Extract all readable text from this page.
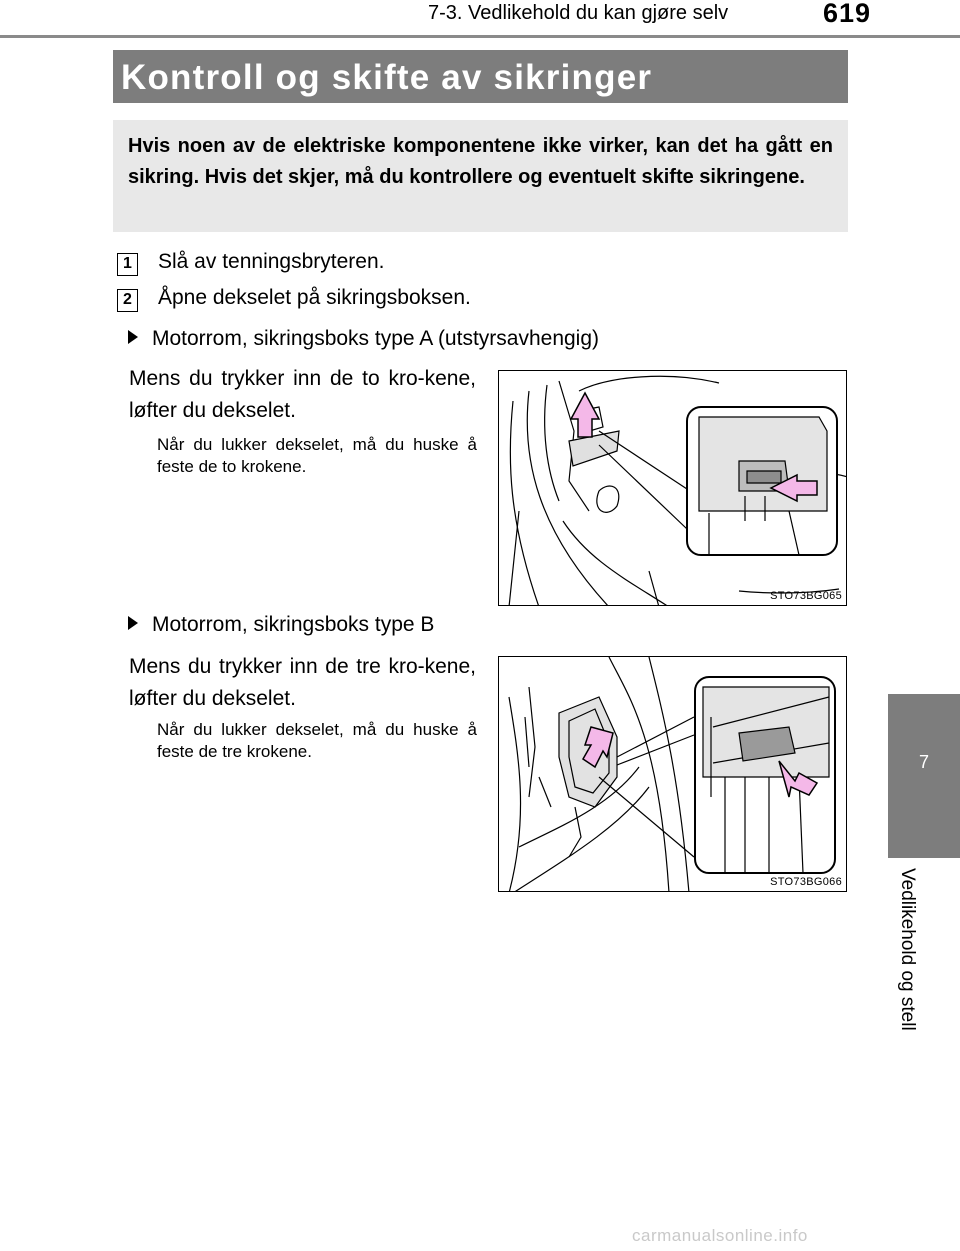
7-3. Vedlikehold du kan gjøre selv	619
Kontroll og skifte av sikringer
Hvis noen av de elektriske komponentene ikke virker, kan det ha gått en sikring. Hvis det skjer, må du kontrollere og eventuelt skifte sikringene.
1 Slå av tenningsbryteren.
2 Åpne dekselet på sikringsboksen.
Motorrom, sikringsboks type A (utstyrsavhengig)
Mens du trykker inn de to kro-kene, løfter du dekselet.
Når du lukker dekselet, må du huske å feste de to krokene.
STO73BG065
Motorrom, sikringsboks type B
Mens du trykker inn de tre kro-kene, løfter du dekselet.
Når du lukker dekselet, må du huske å feste de tre krokene.
STO73BG066
7
Vedlikehold og stell
carmanualsonline.info
